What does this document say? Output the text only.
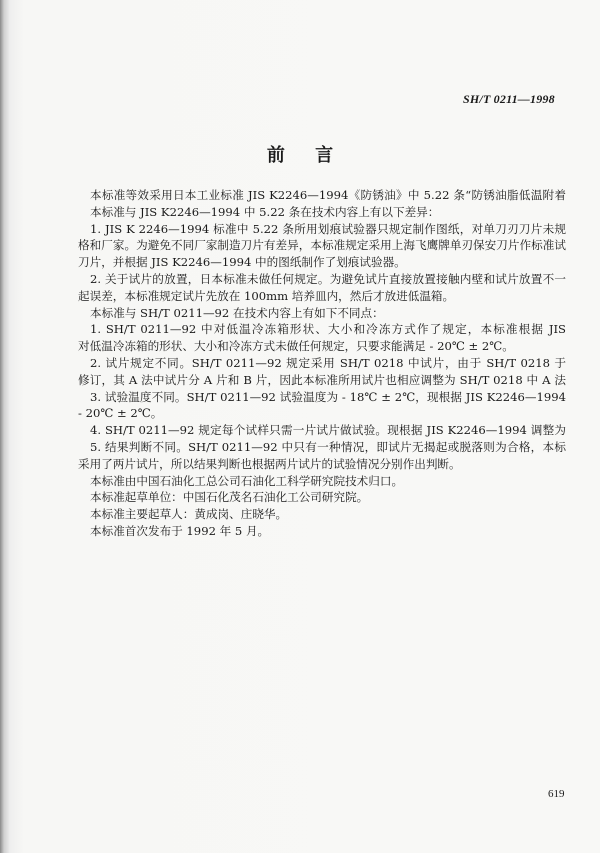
SH/T 0211—1998
前 言
本标准等效采用日本工业标准 JIS K2246—1994《防锈油》中 5.22 条“防锈油脂低温附着
本标准与 JIS K2246—1994 中 5.22 条在技术内容上有以下差异：
1. JIS K 2246—1994 标准中 5.22 条所用划痕试验器只规定制作图纸，对单刀刃刀片未规
格和厂家。为避免不同厂家制造刀片有差异，本标准规定采用上海飞鹰牌单刃保安刀片作标准试
刀片，并根据 JIS K2246—1994 中的图纸制作了划痕试验器。
2. 关于试片的放置，日本标准未做任何规定。为避免试片直接放置接触内壁和试片放置不一
起误差，本标准规定试片先放在 100mm 培养皿内，然后才放进低温箱。
本标准与 SH/T 0211—92 在技术内容上有如下不同点：
1. SH/T 0211—92 中对低温冷冻箱形状、大小和冷冻方式作了规定，本标准根据 JIS
对低温冷冻箱的形状、大小和冷冻方式未做任何规定，只要求能满足 - 20℃ ± 2℃。
2. 试片规定不同。SH/T 0211—92 规定采用 SH/T 0218 中试片，由于 SH/T 0218 于
修订，其 A 法中试片分 A 片和 B 片，因此本标准所用试片也相应调整为 SH/T 0218 中 A 法
3. 试验温度不同。SH/T 0211—92 试验温度为 - 18℃ ± 2℃，现根据 JIS K2246—1994
- 20℃ ± 2℃。
4. SH/T 0211—92 规定每个试样只需一片试片做试验。现根据 JIS K2246—1994 调整为
5. 结果判断不同。SH/T 0211—92 中只有一种情况，即试片无揭起或脱落则为合格，本标
采用了两片试片，所以结果判断也根据两片试片的试验情况分别作出判断。
本标准由中国石油化工总公司石油化工科学研究院技术归口。
本标准起草单位：中国石化茂名石油化工公司研究院。
本标准主要起草人：黄成岗、庄晓华。
本标准首次发布于 1992 年 5 月。
619
